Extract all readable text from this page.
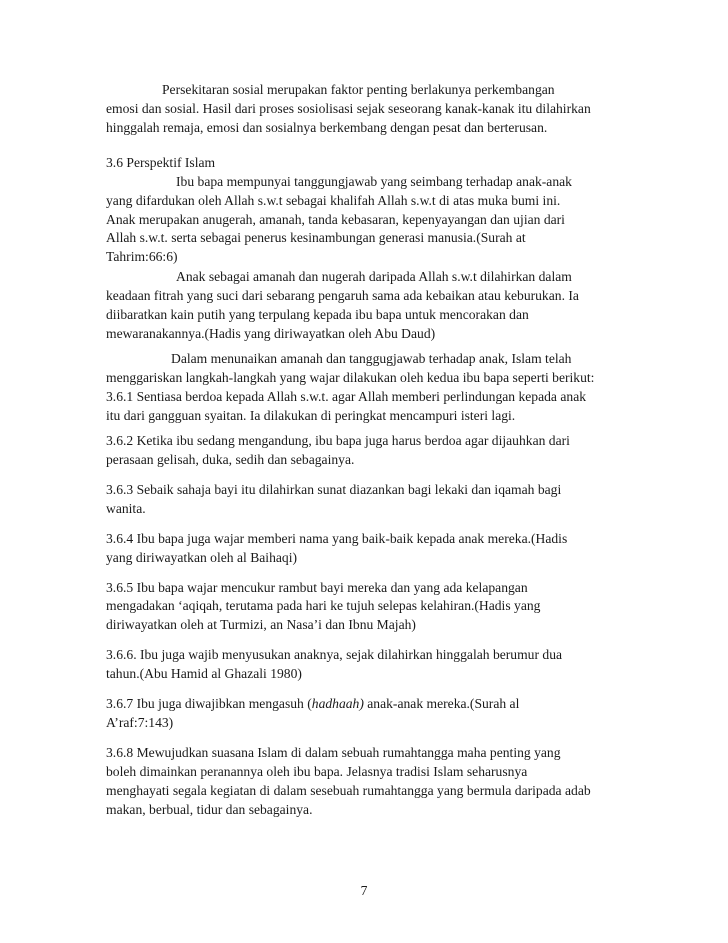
Persekitaran sosial merupakan faktor penting berlakunya perkembangan
emosi dan sosial. Hasil dari proses sosiolisasi sejak seseorang kanak-kanak itu dilahirkan
hinggalah remaja, emosi dan sosialnya berkembang dengan pesat dan berterusan.
3.6 Perspektif Islam
Ibu bapa mempunyai tanggungjawab yang seimbang terhadap anak-anak
yang difardukan oleh Allah s.w.t sebagai khalifah Allah s.w.t di atas muka bumi ini.
Anak merupakan anugerah, amanah, tanda kebasaran, kepenyayangan dan ujian dari
Allah s.w.t. serta sebagai penerus kesinambungan generasi manusia.(Surah at
Tahrim:66:6)
Anak sebagai amanah dan nugerah daripada Allah s.w.t dilahirkan dalam
keadaan fitrah yang suci dari sebarang pengaruh sama ada kebaikan atau keburukan. Ia
diibaratkan kain putih yang terpulang kepada ibu bapa untuk mencorakan dan
mewaranakannya.(Hadis yang diriwayatkan oleh Abu Daud)
Dalam menunaikan amanah dan tanggugjawab terhadap anak, Islam telah
menggariskan langkah-langkah yang wajar dilakukan oleh kedua ibu bapa seperti berikut:
3.6.1 Sentiasa berdoa kepada Allah s.w.t. agar Allah memberi perlindungan kepada anak
itu dari gangguan syaitan. Ia dilakukan di peringkat mencampuri isteri lagi.
3.6.2 Ketika ibu sedang mengandung, ibu bapa juga harus berdoa agar dijauhkan dari
perasaan gelisah, duka, sedih dan sebagainya.
3.6.3 Sebaik sahaja bayi itu dilahirkan sunat diazankan bagi lekaki dan iqamah bagi
wanita.
3.6.4 Ibu bapa juga wajar memberi nama yang baik-baik kepada anak mereka.(Hadis
yang diriwayatkan oleh al Baihaqi)
3.6.5 Ibu bapa wajar mencukur rambut bayi mereka dan yang ada kelapangan
mengadakan ‘aqiqah, terutama pada hari ke tujuh selepas kelahiran.(Hadis yang
diriwayatkan oleh at Turmizi, an Nasa’i dan Ibnu Majah)
3.6.6. Ibu juga wajib menyusukan anaknya, sejak dilahirkan hinggalah berumur dua
tahun.(Abu Hamid al Ghazali 1980)
3.6.7 Ibu juga diwajibkan mengasuh (hadhaah) anak-anak mereka.(Surah al
A’raf:7:143)
3.6.8 Mewujudkan suasana Islam di dalam sebuah rumahtangga maha penting yang
boleh dimainkan peranannya oleh ibu bapa. Jelasnya tradisi Islam seharusnya
menghayati segala kegiatan di dalam sesebuah rumahtangga yang bermula daripada adab
makan, berbual, tidur dan sebagainya.
7
